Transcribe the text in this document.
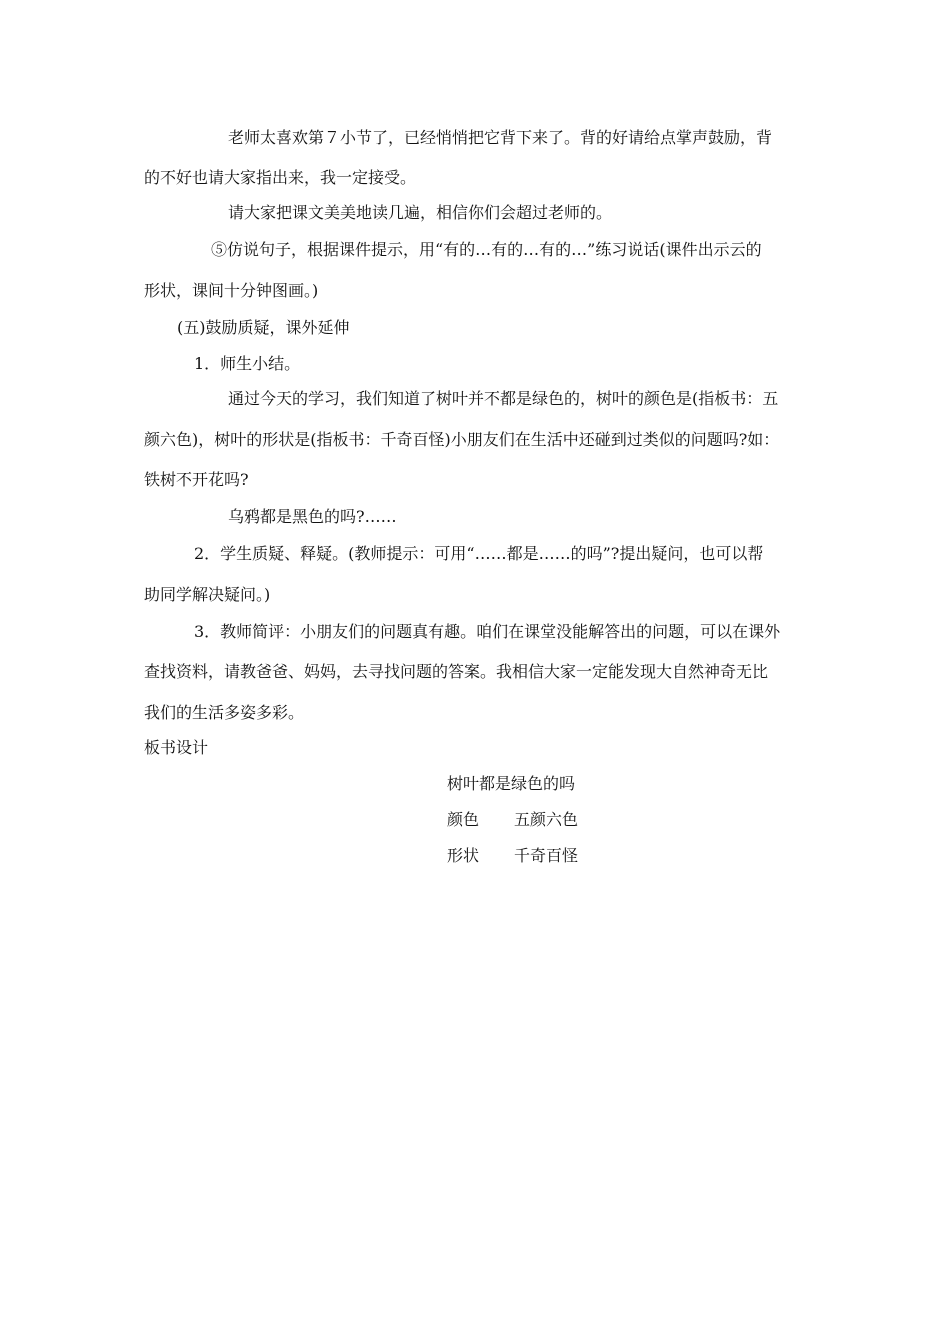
老师太喜欢第７小节了，已经悄悄把它背下来了。背的好请给点掌声鼓励，背
的不好也请大家指出来，我一定接受。
请大家把课文美美地读几遍，相信你们会超过老师的。
⑤仿说句子，根据课件提示，用“有的…有的…有的…”练习说话(课件出示云的
形状，课间十分钟图画。)
(五)鼓励质疑，课外延伸
1．师生小结。
通过今天的学习，我们知道了树叶并不都是绿色的，树叶的颜色是(指板书：五
颜六色)，树叶的形状是(指板书：千奇百怪)小朋友们在生活中还碰到过类似的问题吗?如：
铁树不开花吗?
乌鸦都是黑色的吗?……
2．学生质疑、释疑。(教师提示：可用“……都是……的吗”?提出疑问，也可以帮
助同学解决疑问。)
3．教师简评：小朋友们的问题真有趣。咱们在课堂没能解答出的问题，可以在课外
查找资料，请教爸爸、妈妈，去寻找问题的答案。我相信大家一定能发现大自然神奇无比
我们的生活多姿多彩。
板书设计
树叶都是绿色的吗
颜色 五颜六色
形状 千奇百怪
